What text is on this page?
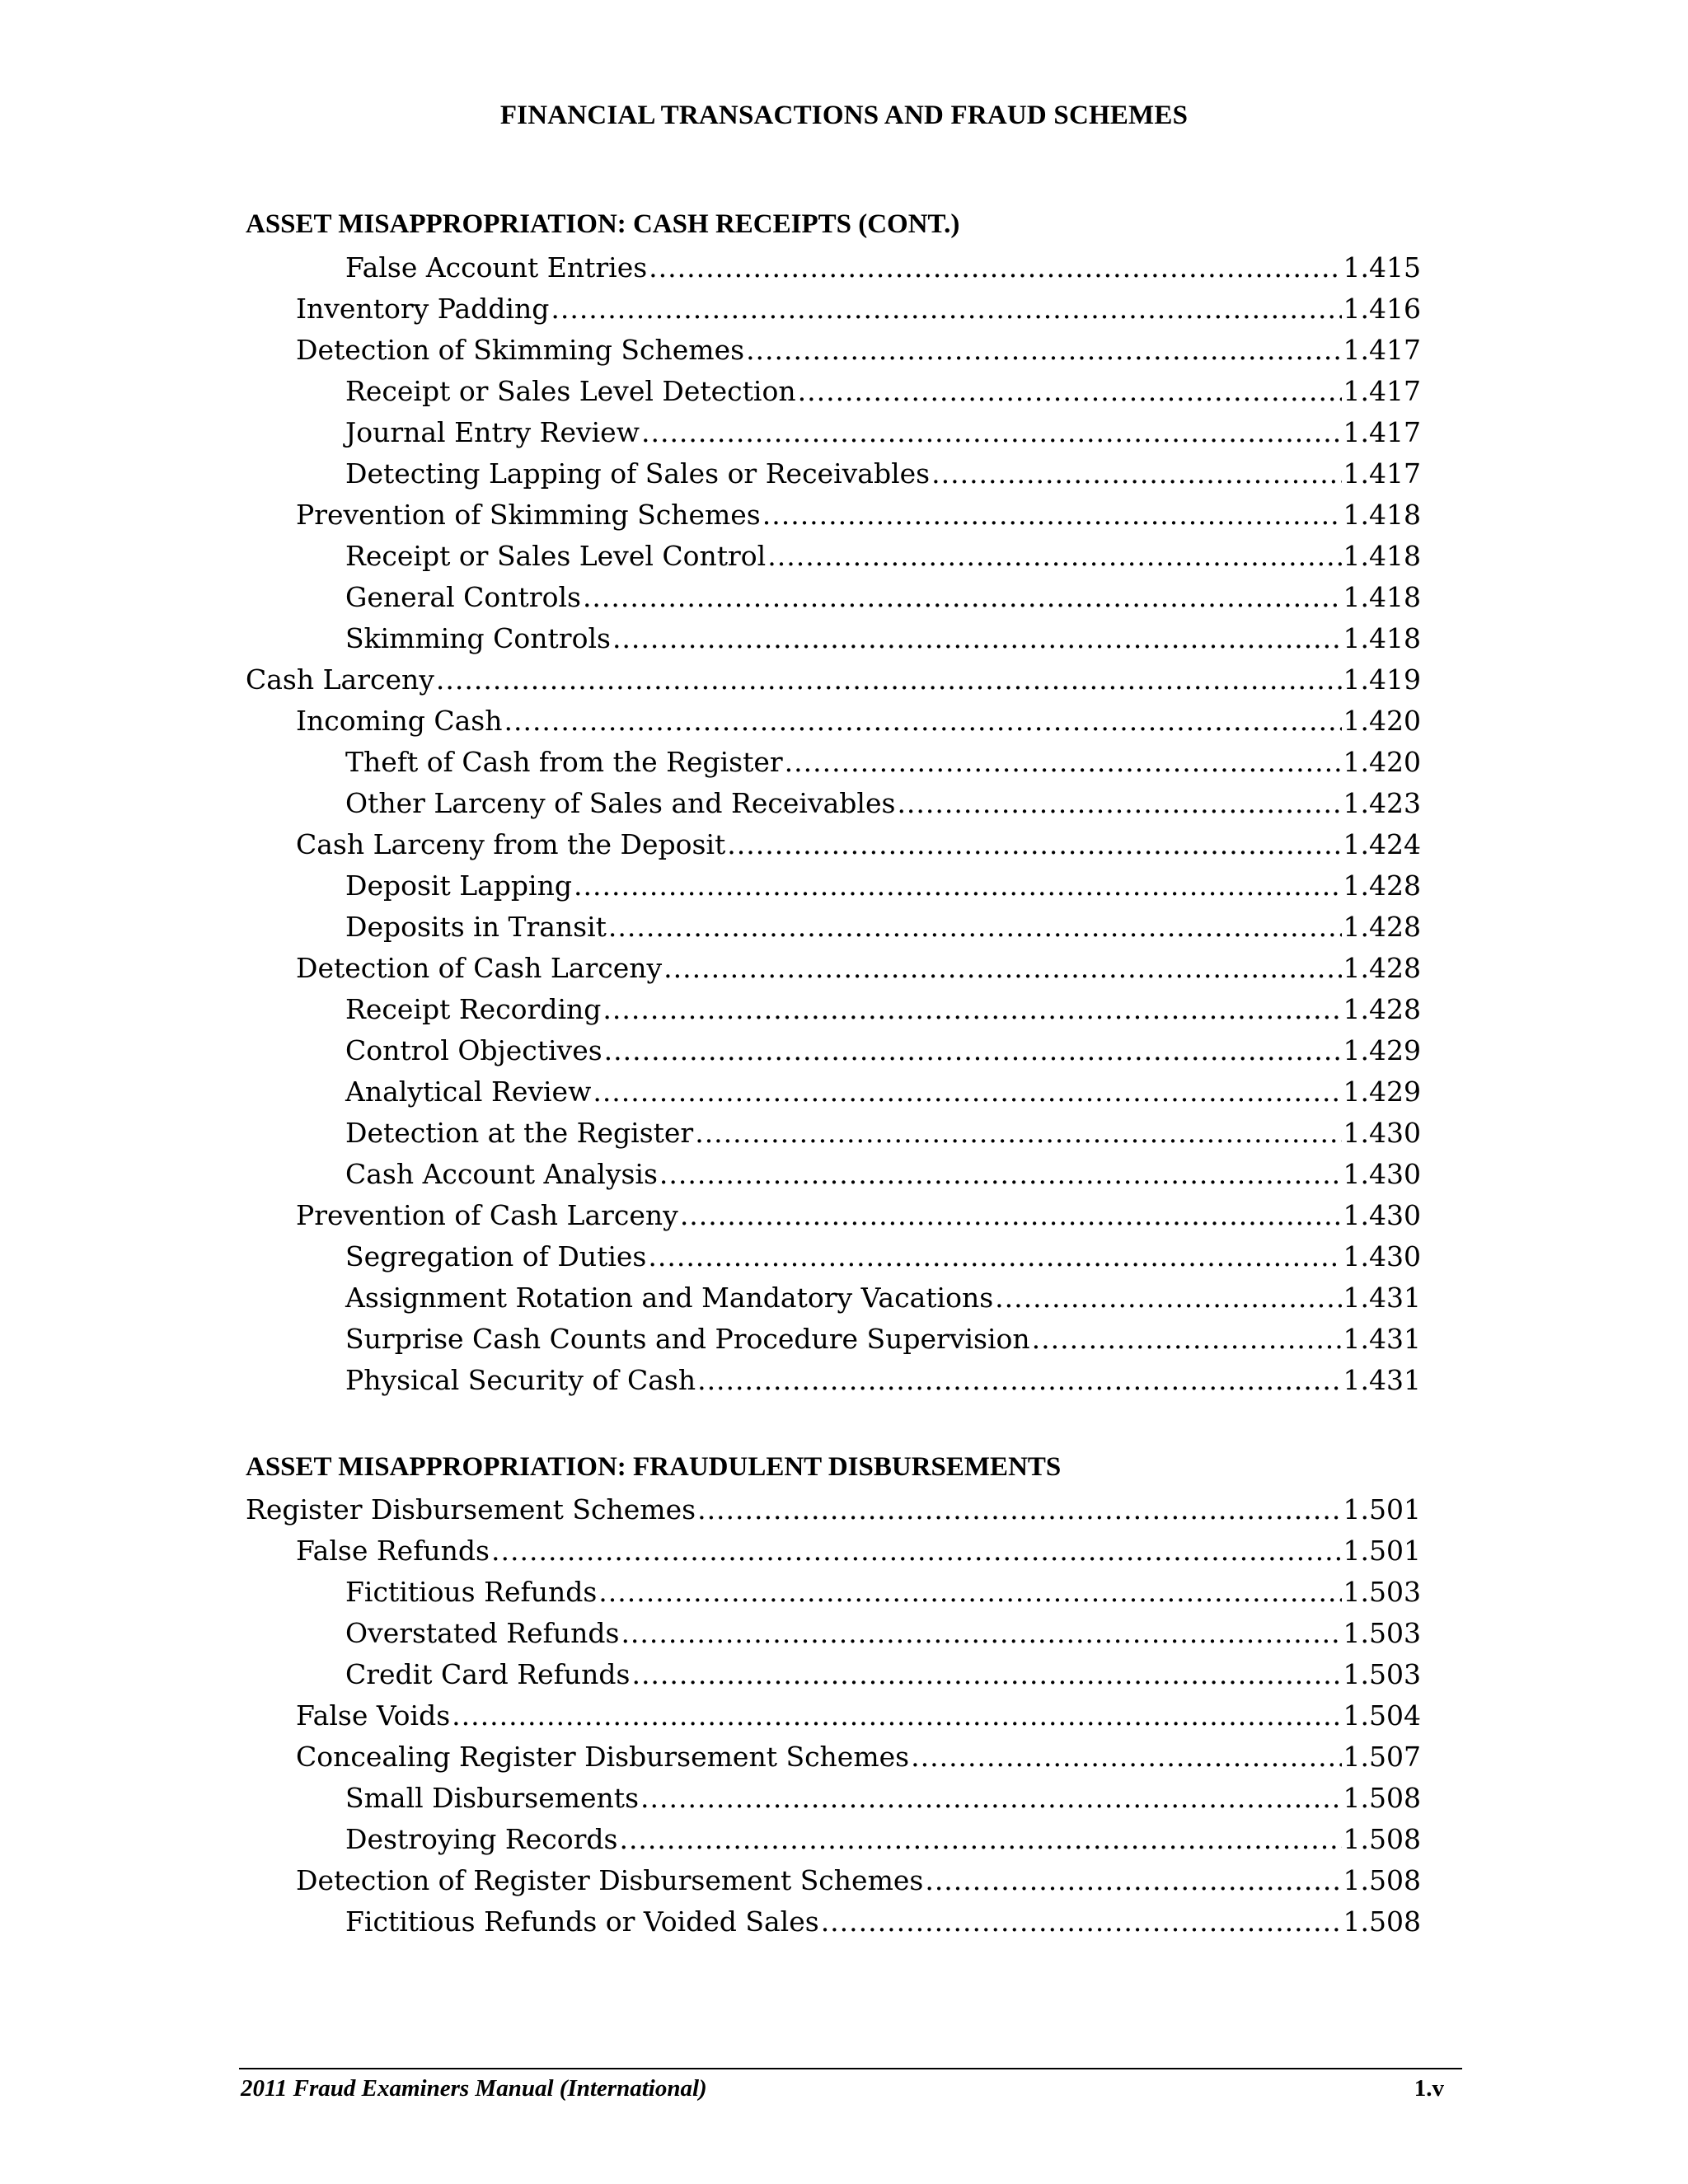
FINANCIAL TRANSACTIONS AND FRAUD SCHEMES
ASSET MISAPPROPRIATION: CASH RECEIPTS (CONT.)
False Account Entries .....	1.415
Inventory Padding .....	1.416
Detection of Skimming Schemes .....	1.417
Receipt or Sales Level Detection .....	1.417
Journal Entry Review .....	1.417
Detecting Lapping of Sales or Receivables .....	1.417
Prevention of Skimming Schemes .....	1.418
Receipt or Sales Level Control .....	1.418
General Controls .....	1.418
Skimming Controls .....	1.418
Cash Larceny .....	1.419
Incoming Cash .....	1.420
Theft of Cash from the Register .....	1.420
Other Larceny of Sales and Receivables .....	1.423
Cash Larceny from the Deposit .....	1.424
Deposit Lapping .....	1.428
Deposits in Transit .....	1.428
Detection of Cash Larceny .....	1.428
Receipt Recording .....	1.428
Control Objectives .....	1.429
Analytical Review .....	1.429
Detection at the Register .....	1.430
Cash Account Analysis .....	1.430
Prevention of Cash Larceny .....	1.430
Segregation of Duties .....	1.430
Assignment Rotation and Mandatory Vacations .....	1.431
Surprise Cash Counts and Procedure Supervision .....	1.431
Physical Security of Cash .....	1.431
ASSET MISAPPROPRIATION: FRAUDULENT DISBURSEMENTS
Register Disbursement Schemes .....	1.501
False Refunds .....	1.501
Fictitious Refunds .....	1.503
Overstated Refunds .....	1.503
Credit Card Refunds .....	1.503
False Voids .....	1.504
Concealing Register Disbursement Schemes .....	1.507
Small Disbursements .....	1.508
Destroying Records .....	1.508
Detection of Register Disbursement Schemes .....	1.508
Fictitious Refunds or Voided Sales .....	1.508
2011 Fraud Examiners Manual (International)	1.v
